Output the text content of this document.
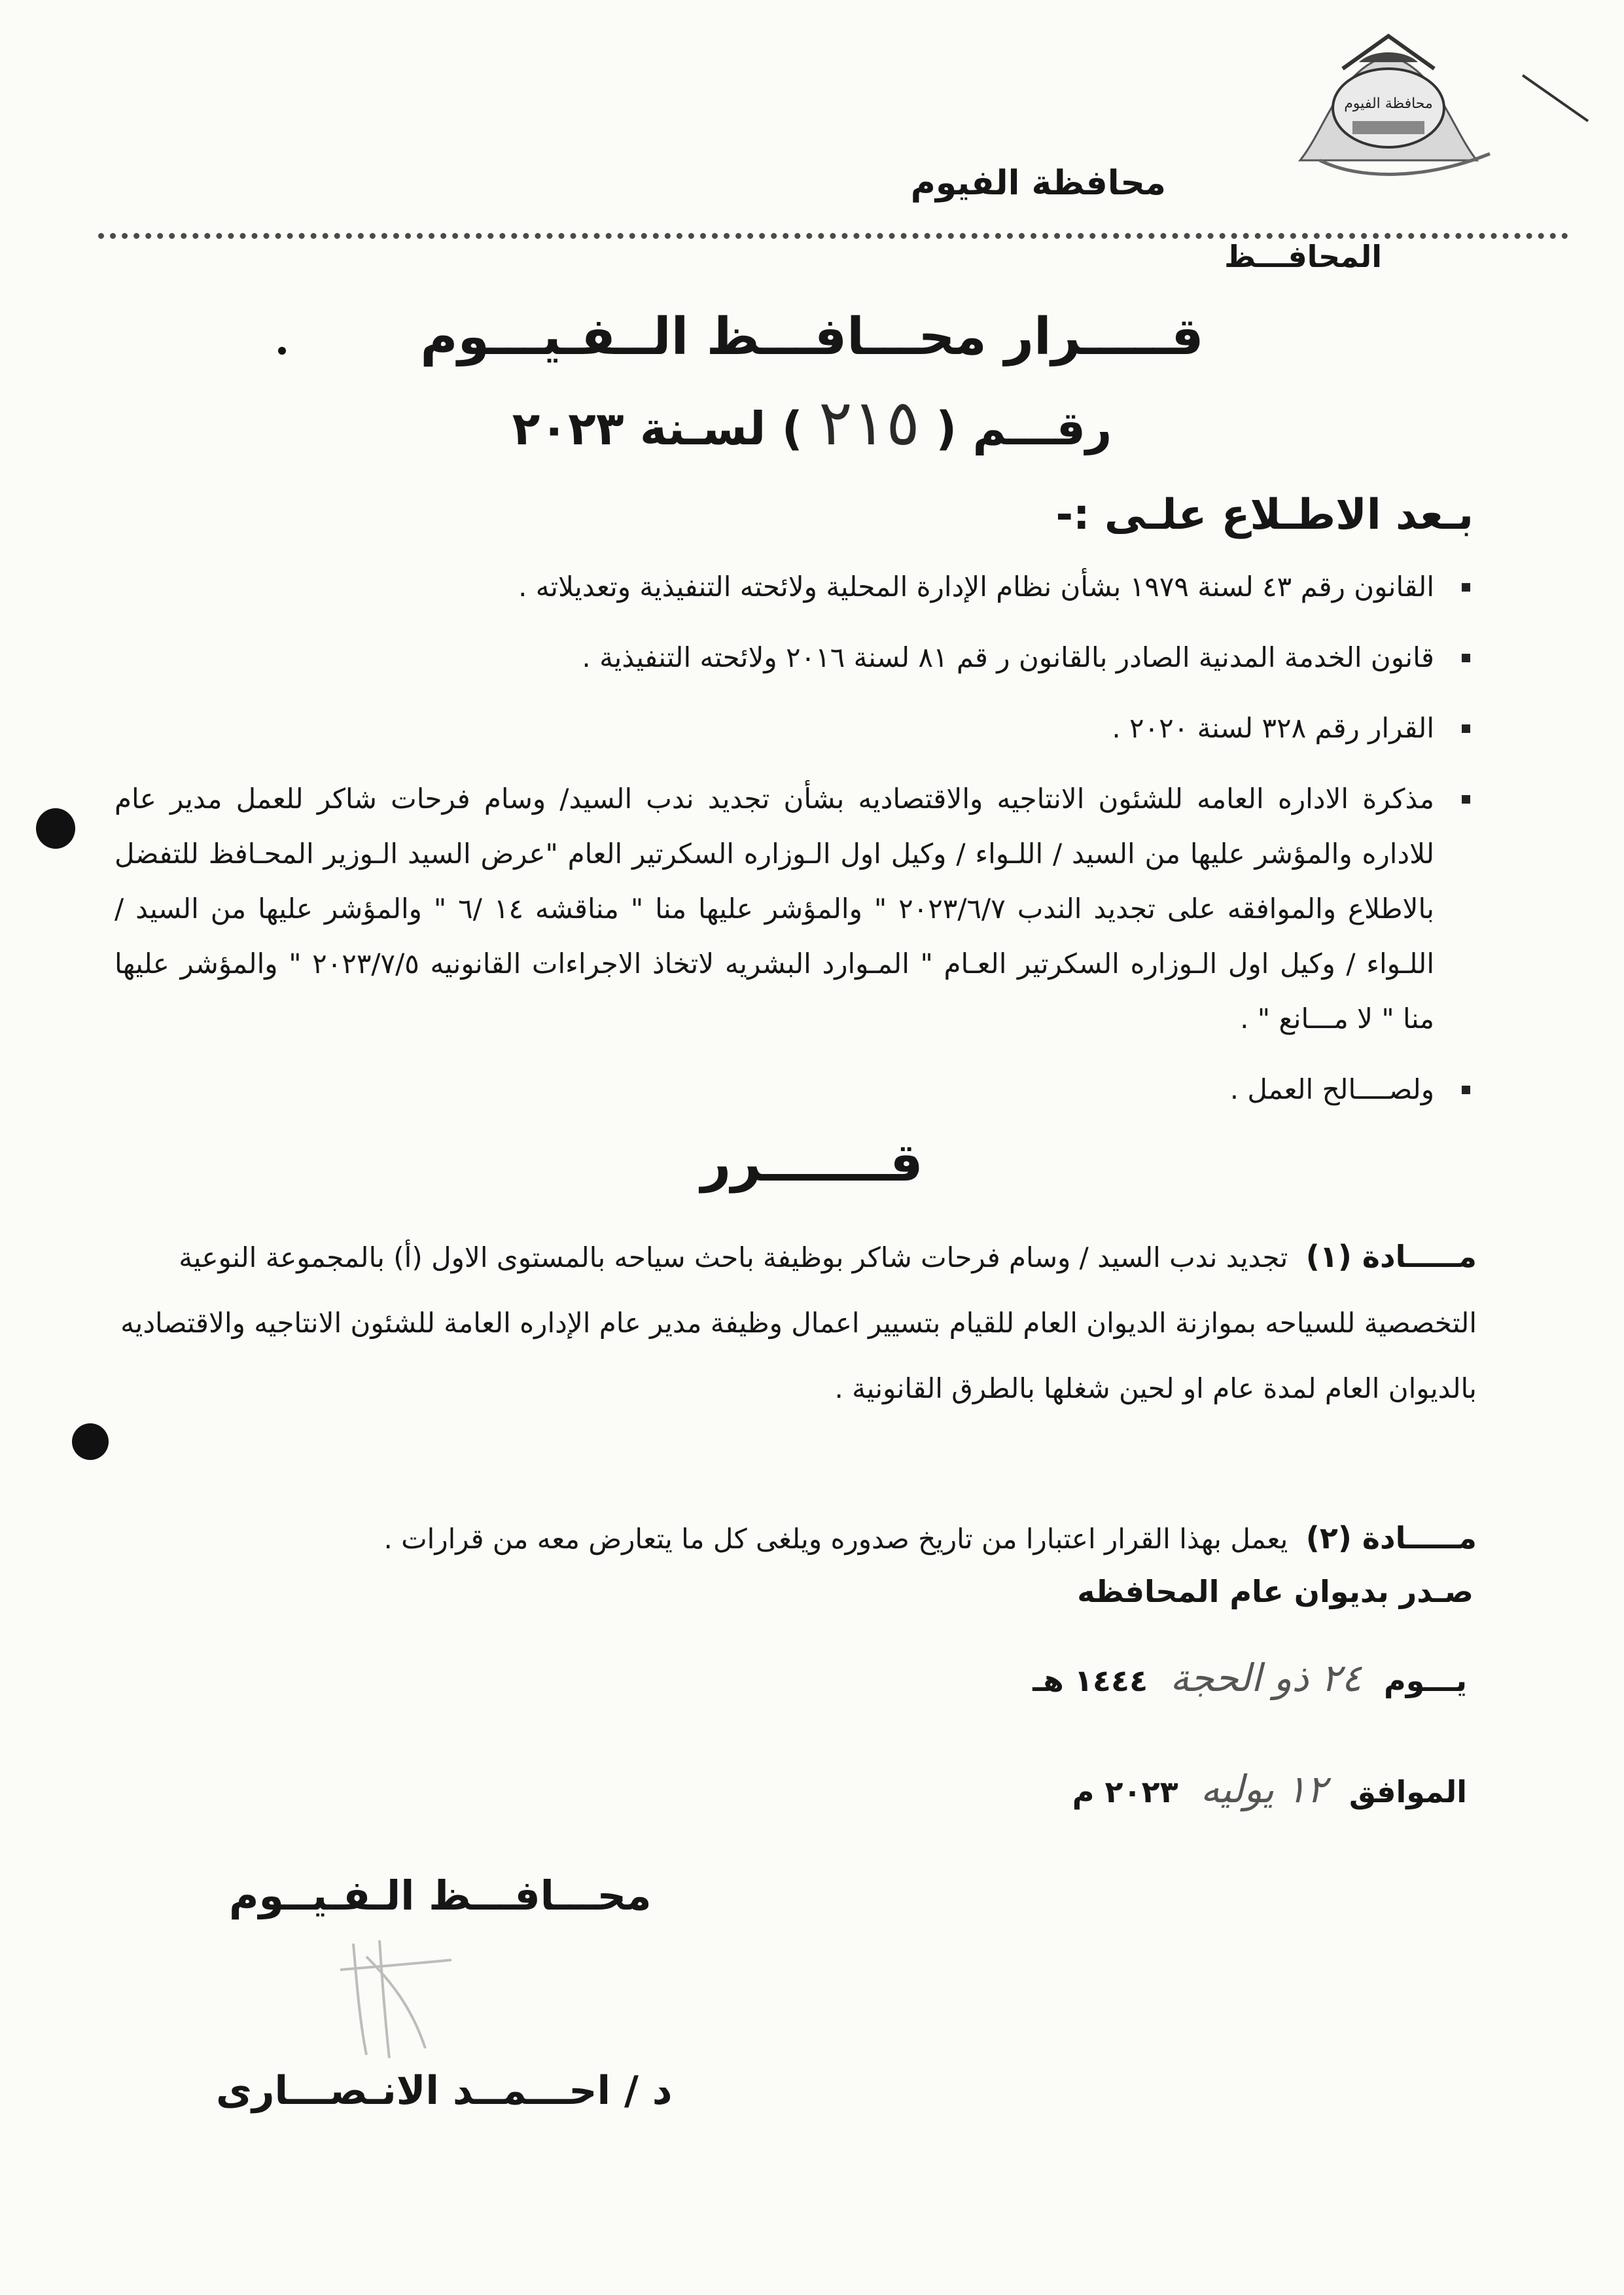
محافظة الفيوم
محافظة الفيوم
المحافـــظ
قـــــرار محـــافـــظ الــفـيـــوم
رقـــم ( ٢١٥ ) لسـنة ٢٠٢٣
بـعد الاطـلاع علـى :-
القانون رقم ٤٣ لسنة ١٩٧٩ بشأن نظام الإدارة المحلية ولائحته التنفيذية وتعديلاته .
قانون الخدمة المدنية الصادر بالقانون ر قم ٨١ لسنة ٢٠١٦ ولائحته التنفيذية .
القرار رقم ٣٢٨ لسنة ٢٠٢٠ .
مذكرة الاداره العامه للشئون الانتاجيه والاقتصاديه بشأن تجديد ندب السيد/ وسام فرحات شاكر للعمل مدير عام للاداره والمؤشر عليها من السيد / اللـواء / وكيل اول الـوزاره السكرتير العام "عرض السيد الـوزير المحـافظ للتفضل بالاطلاع والموافقه على تجديد الندب ٢٠٢٣/٦/٧ " والمؤشر عليها منا " مناقشه ١٤ /٦ " والمؤشر عليها من السيد / اللـواء / وكيل اول الـوزاره السكرتير العـام " المـوارد البشريه لاتخاذ الاجراءات القانونيه ٢٠٢٣/٧/٥ " والمؤشر عليها منا " لا مـــانع " .
ولصــــالح العمل .
قـــــــرر
مـــــادة (١) تجديد ندب السيد / وسام فرحات شاكر بوظيفة باحث سياحه بالمستوى الاول (أ) بالمجموعة النوعية التخصصية للسياحه بموازنة الديوان العام للقيام بتسيير اعمال وظيفة مدير عام الإداره العامة للشئون الانتاجيه والاقتصاديه بالديوان العام لمدة عام او لحين شغلها بالطرق القانونية .
مـــــادة (٢) يعمل بهذا القرار اعتبارا من تاريخ صدوره ويلغى كل ما يتعارض معه من قرارات .
صـدر بديوان عام المحافظه
يـــوم ٢٤ ذو الحجة ١٤٤٤ هـ
الموافق ١٢ يوليه ٢٠٢٣ م
محـــافـــظ الـفـيــوم
د / احـــمــد الانـصـــارى
